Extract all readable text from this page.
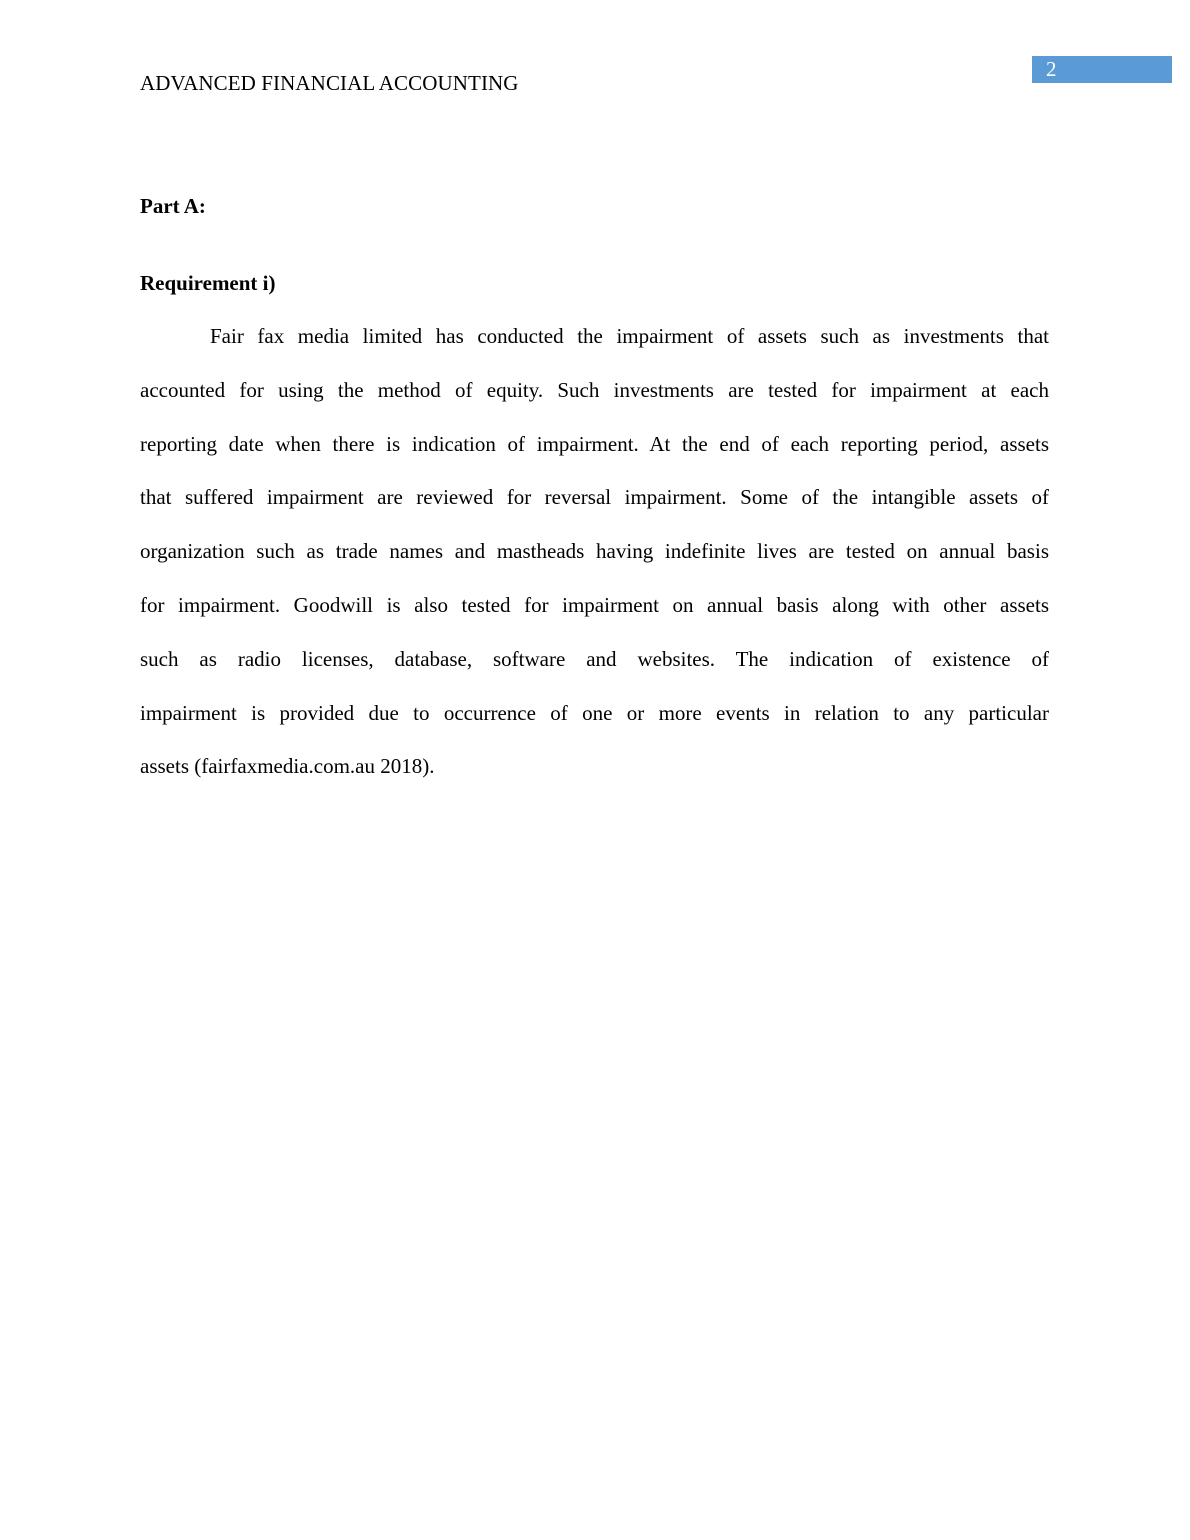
ADVANCED FINANCIAL ACCOUNTING
2
Part A:
Requirement i)
Fair fax media limited has conducted the impairment of assets such as investments that
accounted for using the method of equity. Such investments are tested for impairment at each
reporting date when there is indication of impairment. At the end of each reporting period, assets
that suffered impairment are reviewed for reversal impairment. Some of the intangible assets of
organization such as trade names and mastheads having indefinite lives are tested on annual basis
for impairment. Goodwill is also tested for impairment on annual basis along with other assets
such as radio licenses, database, software and websites. The indication of existence of
impairment is provided due to occurrence of one or more events in relation to any particular
assets (fairfaxmedia.com.au 2018).
